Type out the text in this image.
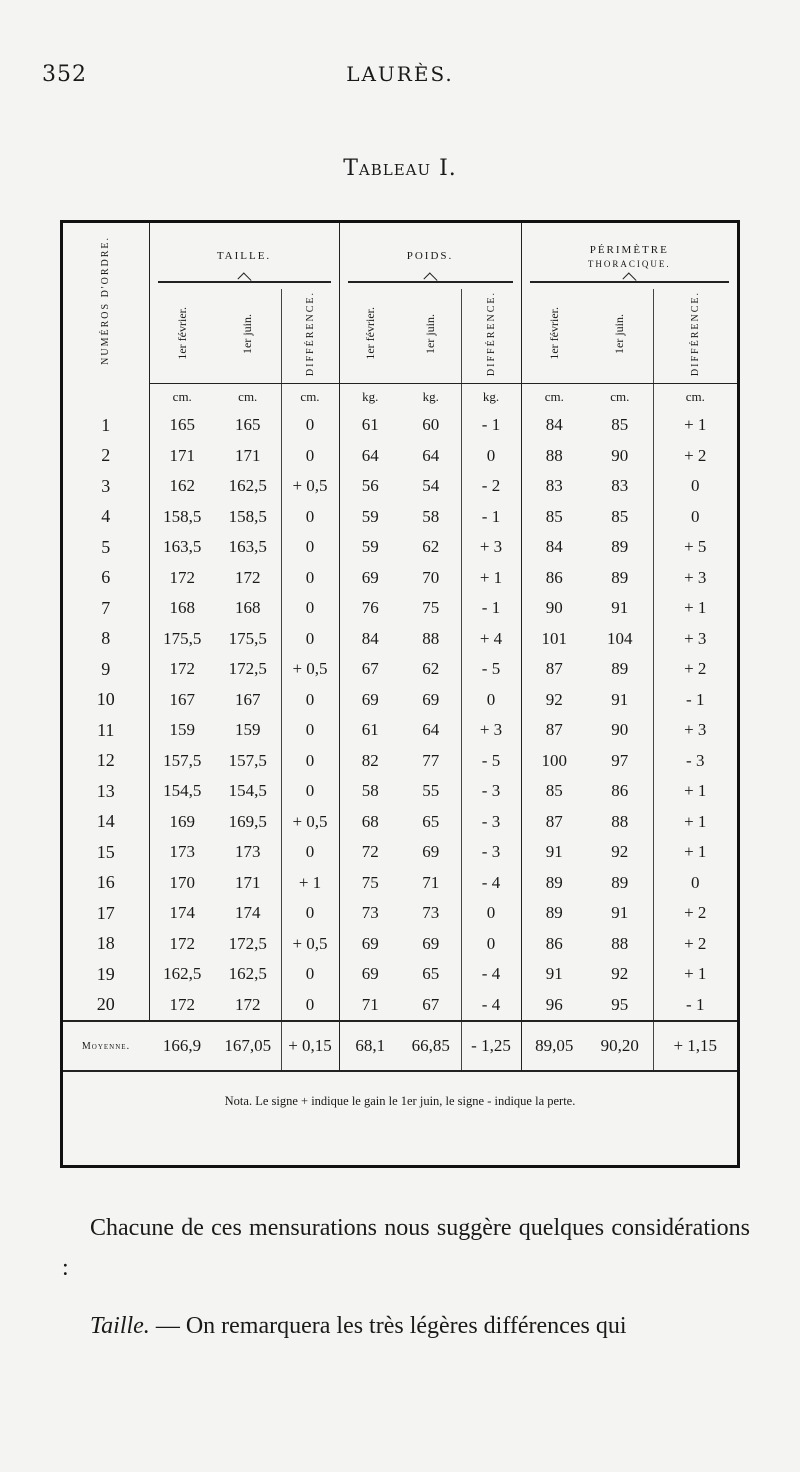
352	LAURÈS.
Tableau I.
NUMÉROS D'ORDRE.	TAILLE.			POIDS.			PÉRIMÈTRE
THORACIQUE.		

	1er février.	1er juin.	DIFFÉRENCE.	1er février.	1er juin.	DIFFÉRENCE.	1er février.	1er juin.	DIFFÉRENCE.
	cm.	cm.	cm.	kg.	kg.	kg.	cm.	cm.	cm.
1	165	165	0	61	60	- 1	84	85	+ 1
2	171	171	0	64	64	0	88	90	+ 2
3	162	162,5	+ 0,5	56	54	- 2	83	83	0
4	158,5	158,5	0	59	58	- 1	85	85	0
5	163,5	163,5	0	59	62	+ 3	84	89	+ 5
6	172	172	0	69	70	+ 1	86	89	+ 3
7	168	168	0	76	75	- 1	90	91	+ 1
8	175,5	175,5	0	84	88	+ 4	101	104	+ 3
9	172	172,5	+ 0,5	67	62	- 5	87	89	+ 2
10	167	167	0	69	69	0	92	91	- 1
11	159	159	0	61	64	+ 3	87	90	+ 3
12	157,5	157,5	0	82	77	- 5	100	97	- 3
13	154,5	154,5	0	58	55	- 3	85	86	+ 1
14	169	169,5	+ 0,5	68	65	- 3	87	88	+ 1
15	173	173	0	72	69	- 3	91	92	+ 1
16	170	171	+ 1	75	71	- 4	89	89	0
17	174	174	0	73	73	0	89	91	+ 2
18	172	172,5	+ 0,5	69	69	0	86	88	+ 2
19	162,5	162,5	0	69	65	- 4	91	92	+ 1
20	172	172	0	71	67	- 4	96	95	- 1
Moyenne.	166,9	167,05	+ 0,15	68,1	66,85	- 1,25	89,05	90,20	+ 1,15
Nota. Le signe + indique le gain le 1er juin, le signe - indique la perte.									

Chacune de ces mensurations nous suggère quelques considérations :

Taille. — On remarquera les très légères différences qui
